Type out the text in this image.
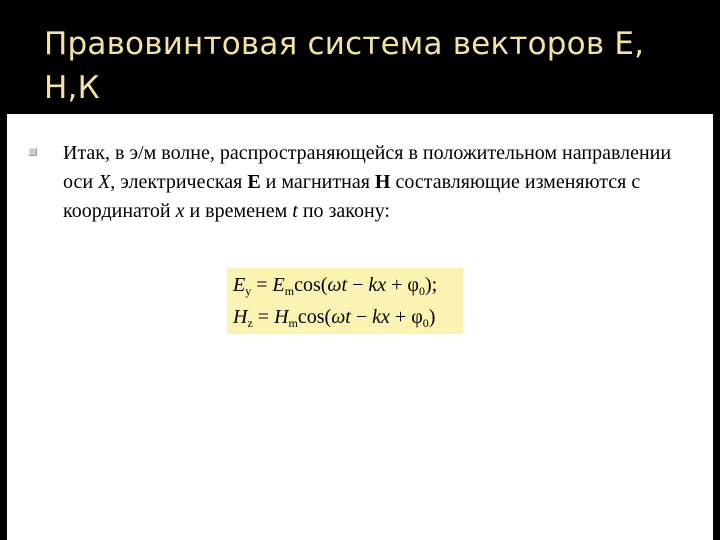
Правовинтовая система векторов Е, Н,К

Итак, в э/м волне, распространяющейся в положительном направлении оси X, электрическая E и магнитная H составляющие изменяются с координатой x и временем t по закону:

$E_y = E_m\cos(\omega t$ − kx + $\varphi_0$);
$H_z = H_m\cos(\omega t$ − kx + $\varphi_0$)
